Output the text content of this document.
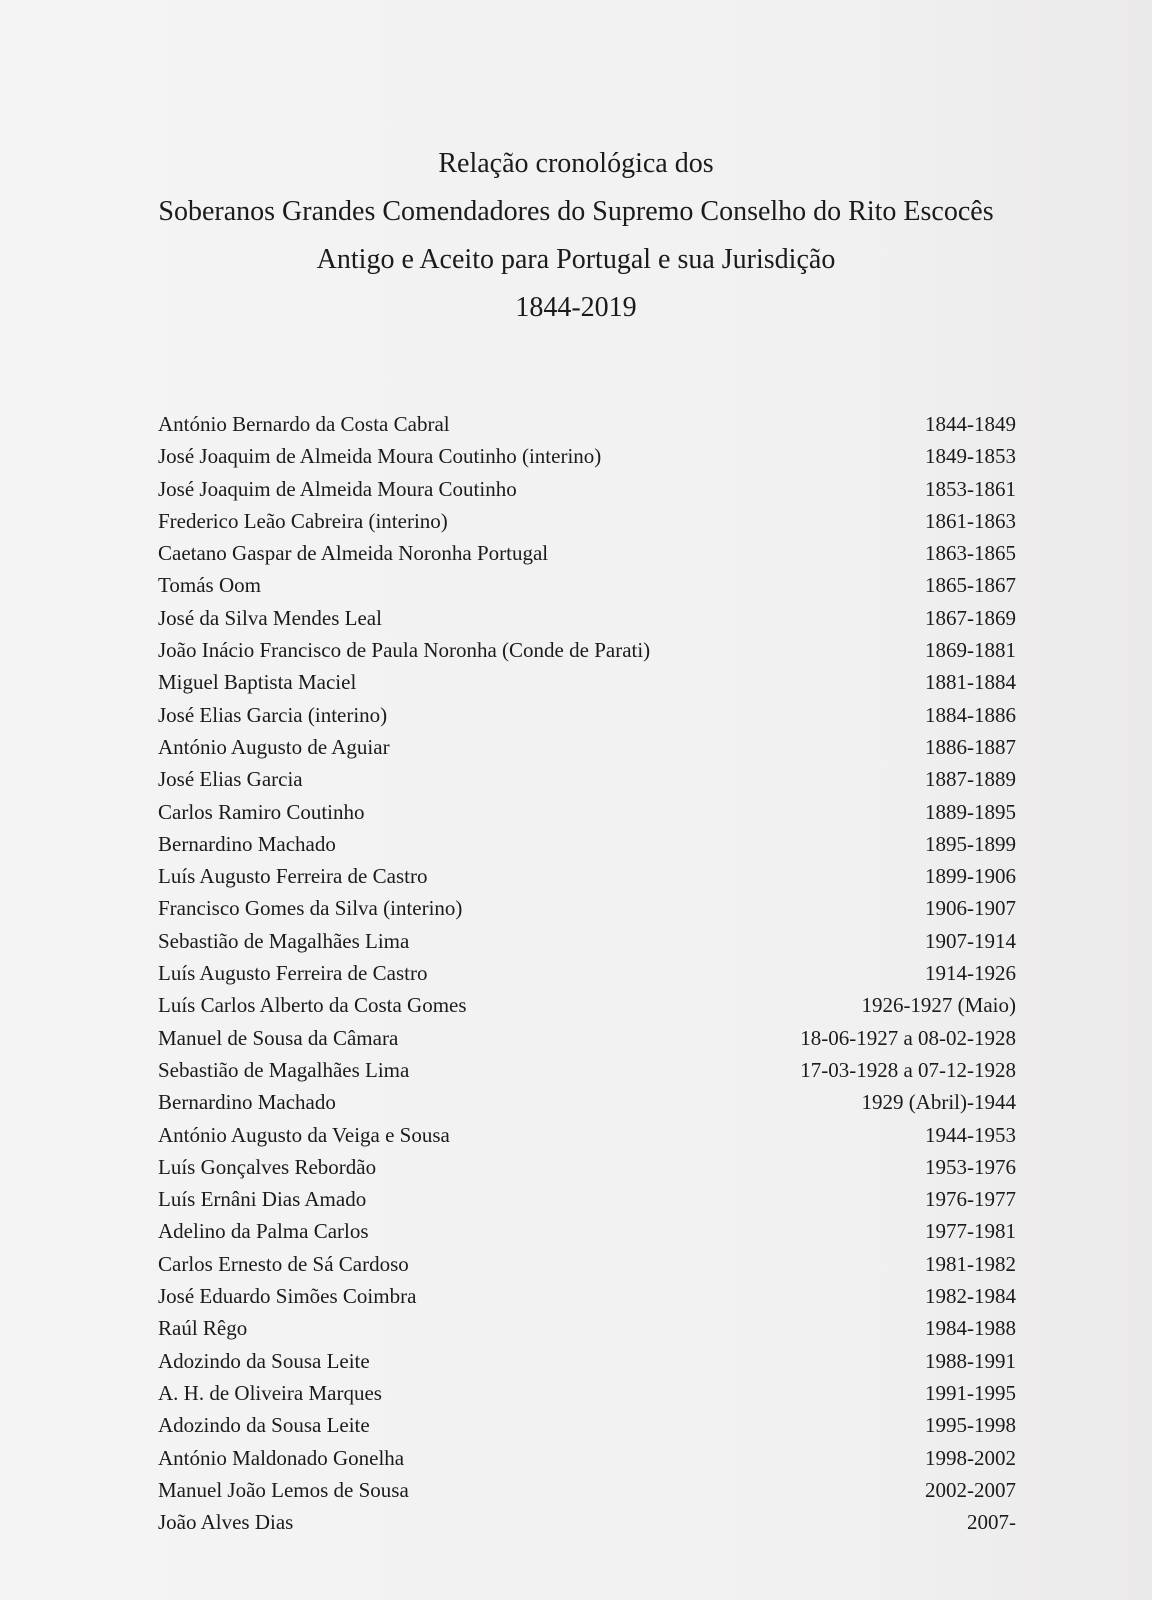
Relação cronológica dos
Soberanos Grandes Comendadores do Supremo Conselho do Rito Escocês
Antigo e Aceito para Portugal e sua Jurisdição
1844-2019
António Bernardo da Costa Cabral	1844-1849
José Joaquim de Almeida Moura Coutinho (interino)	1849-1853
José Joaquim de Almeida Moura Coutinho	1853-1861
Frederico Leão Cabreira (interino)	1861-1863
Caetano Gaspar de Almeida Noronha Portugal	1863-1865
Tomás Oom	1865-1867
José da Silva Mendes Leal	1867-1869
João Inácio Francisco de Paula Noronha (Conde de Parati)	1869-1881
Miguel Baptista Maciel	1881-1884
José Elias Garcia (interino)	1884-1886
António Augusto de Aguiar	1886-1887
José Elias Garcia	1887-1889
Carlos Ramiro Coutinho	1889-1895
Bernardino Machado	1895-1899
Luís Augusto Ferreira de Castro	1899-1906
Francisco Gomes da Silva (interino)	1906-1907
Sebastião de Magalhães Lima	1907-1914
Luís Augusto Ferreira de Castro	1914-1926
Luís Carlos Alberto da Costa Gomes	1926-1927 (Maio)
Manuel de Sousa da Câmara	18-06-1927 a 08-02-1928
Sebastião de Magalhães Lima	17-03-1928 a 07-12-1928
Bernardino Machado	1929 (Abril)-1944
António Augusto da Veiga e Sousa	1944-1953
Luís Gonçalves Rebordão	1953-1976
Luís Ernâni Dias Amado	1976-1977
Adelino da Palma Carlos	1977-1981
Carlos Ernesto de Sá Cardoso	1981-1982
José Eduardo Simões Coimbra	1982-1984
Raúl Rêgo	1984-1988
Adozindo da Sousa Leite	1988-1991
A. H. de Oliveira Marques	1991-1995
Adozindo da Sousa Leite	1995-1998
António Maldonado Gonelha	1998-2002
Manuel João Lemos de Sousa	2002-2007
João Alves Dias	2007-
